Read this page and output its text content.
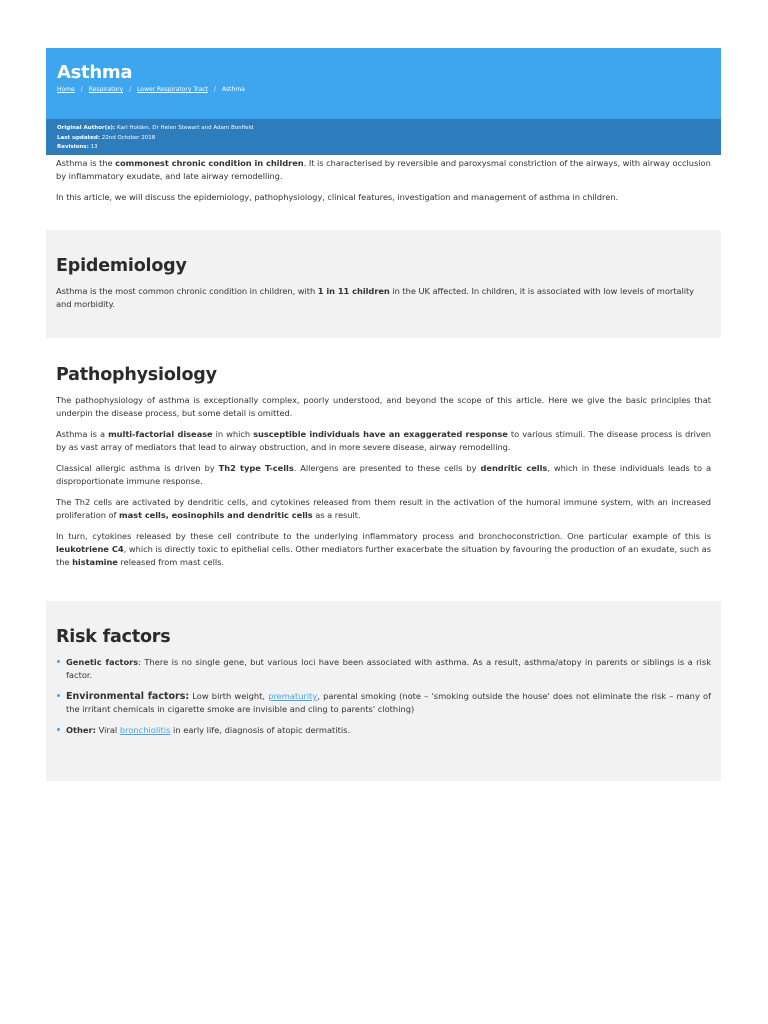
Asthma
Home / Respiratory / Lower Respiratory Tract / Asthma
Original Author(s): Karl Holden, Dr Helen Stewart and Adam Bonfield
Last updated: 22nd October 2018
Revisions: 13

Asthma is the commonest chronic condition in children. It is characterised by reversible and paroxysmal constriction of the airways, with airway occlusion by inflammatory exudate, and late airway remodelling.

In this article, we will discuss the epidemiology, pathophysiology, clinical features, investigation and management of asthma in children.

Epidemiology

Asthma is the most common chronic condition in children, with 1 in 11 children in the UK affected. In children, it is associated with low levels of mortality and morbidity.

Pathophysiology

The pathophysiology of asthma is exceptionally complex, poorly understood, and beyond the scope of this article. Here we give the basic principles that underpin the disease process, but some detail is omitted.

Asthma is a multi-factorial disease in which susceptible individuals have an exaggerated response to various stimuli. The disease process is driven by as vast array of mediators that lead to airway obstruction, and in more severe disease, airway remodelling.

Classical allergic asthma is driven by Th2 type T-cells. Allergens are presented to these cells by dendritic cells, which in these individuals leads to a disproportionate immune response.

The Th2 cells are activated by dendritic cells, and cytokines released from them result in the activation of the humoral immune system, with an increased proliferation of mast cells, eosinophils and dendritic cells as a result.

In turn, cytokines released by these cell contribute to the underlying inflammatory process and bronchoconstriction. One particular example of this is leukotriene C4, which is directly toxic to epithelial cells. Other mediators further exacerbate the situation by favouring the production of an exudate, such as the histamine released from mast cells.

Risk factors
Genetic factors: There is no single gene, but various loci have been associated with asthma. As a result, asthma/atopy in parents or siblings is a risk factor.
Environmental factors: Low birth weight, prematurity, parental smoking (note – 'smoking outside the house' does not eliminate the risk – many of the irritant chemicals in cigarette smoke are invisible and cling to parents' clothing)
Other: Viral bronchiolitis in early life, diagnosis of atopic dermatitis.
